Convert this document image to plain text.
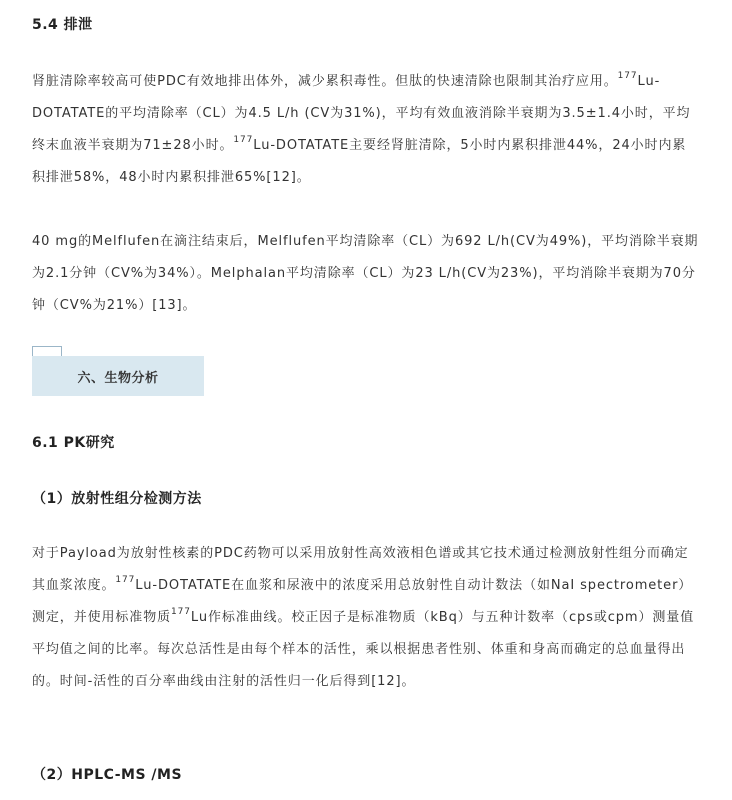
5.4 排泄
肾脏清除率较高可使PDC有效地排出体外，减少累积毒性。但肽的快速清除也限制其治疗应用。$^{177}$Lu-DOTATATE的平均清除率（CL）为4.5 L/h (CV为31%)，平均有效血液消除半衰期为3.5±1.4小时，平均终末血液半衰期为71±28小时。$^{177}$Lu-DOTATATE主要经肾脏清除，5小时内累积排泄44%，24小时内累积排泄58%，48小时内累积排泄65%[12]。
40 mg的Melflufen在滴注结束后，Melflufen平均清除率（CL）为692 L/h(CV为49%)，平均消除半衰期为2.1分钟（CV%为34%）。Melphalan平均清除率（CL）为23 L/h(CV为23%)，平均消除半衰期为70分钟（CV%为21%）[13]。
六、生物分析
6.1 PK研究
（1）放射性组分检测方法
对于Payload为放射性核素的PDC药物可以采用放射性高效液相色谱或其它技术通过检测放射性组分而确定其血浆浓度。$^{177}$Lu-DOTATATE在血浆和尿液中的浓度采用总放射性自动计数法（如NaI spectrometer）测定，并使用标准物质$^{177}$Lu作标准曲线。校正因子是标准物质（kBq）与五种计数率（cps或cpm）测量值平均值之间的比率。每次总活性是由每个样本的活性，乘以根据患者性别、体重和身高而确定的总血量得出的。时间-活性的百分率曲线由注射的活性归一化后得到[12]。
（2）HPLC-MS /MS
